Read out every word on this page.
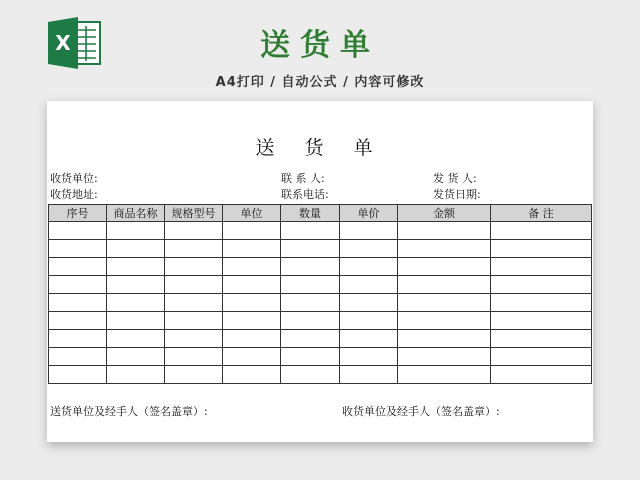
X	送货单
A4打印 / 自动公式 / 内容可修改
送 货 单
收货单位:
收货地址:
联 系 人:
联系电话:
发 货 人:
发货日期:
序号	商品名称	规格型号	单位	数量	单价	金额	备 注

送货单位及经手人（签名盖章）:	收货单位及经手人（签名盖章）:
